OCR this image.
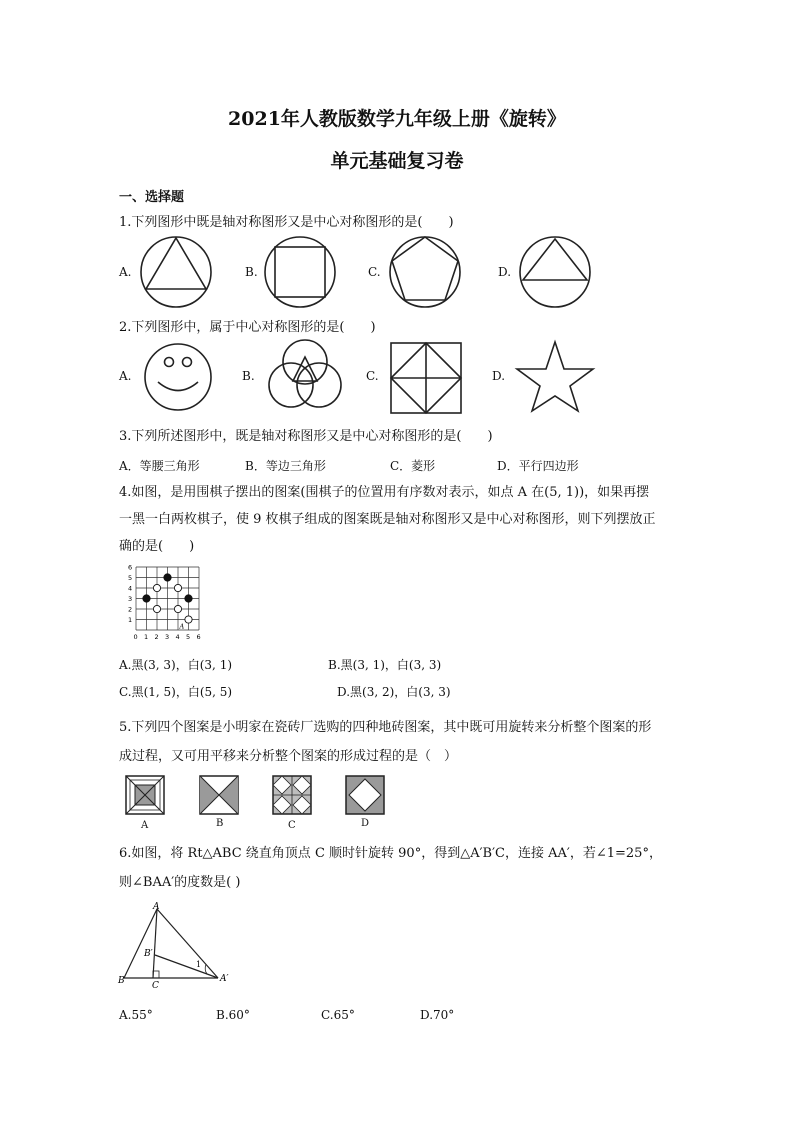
2021年人教版数学九年级上册《旋转》
单元基础复习卷
一、选择题
1.下列图形中既是轴对称图形又是中心对称图形的是(　　)
A.	B.	C.	D.
2.下列图形中，属于中心对称图形的是(　　)
A.	B.	C.	D.
3.下列所述图形中，既是轴对称图形又是中心对称图形的是(　　)
A．等腰三角形	B．等边三角形	C．菱形	D．平行四边形
4.如图，是用围棋子摆出的图案(围棋子的位置用有序数对表示，如点 A 在(5, 1))，如果再摆
一黑一白两枚棋子，使 9 枚棋子组成的图案既是轴对称图形又是中心对称图形，则下列摆放正
确的是(　　)
0 1 2 3 4 5 6
1
2
3
4
5
6
A
A.黑(3, 3)，白(3, 1)	B.黑(3, 1)，白(3, 3)
C.黑(1, 5)，白(5, 5)	D.黑(3, 2)，白(3, 3)
5.下列四个图案是小明家在瓷砖厂选购的四种地砖图案，其中既可用旋转来分析整个图案的形
成过程，又可用平移来分析整个图案的形成过程的是（　）
A	B	C	D
6.如图，将 Rt△ABC 绕直角顶点 C 顺时针旋转 90°，得到△A′B′C，连接 AA′，若∠1=25°，
则∠BAA′的度数是( )
A
B′
B	C
A′
1
A.55°	B.60°	C.65°	D.70°
